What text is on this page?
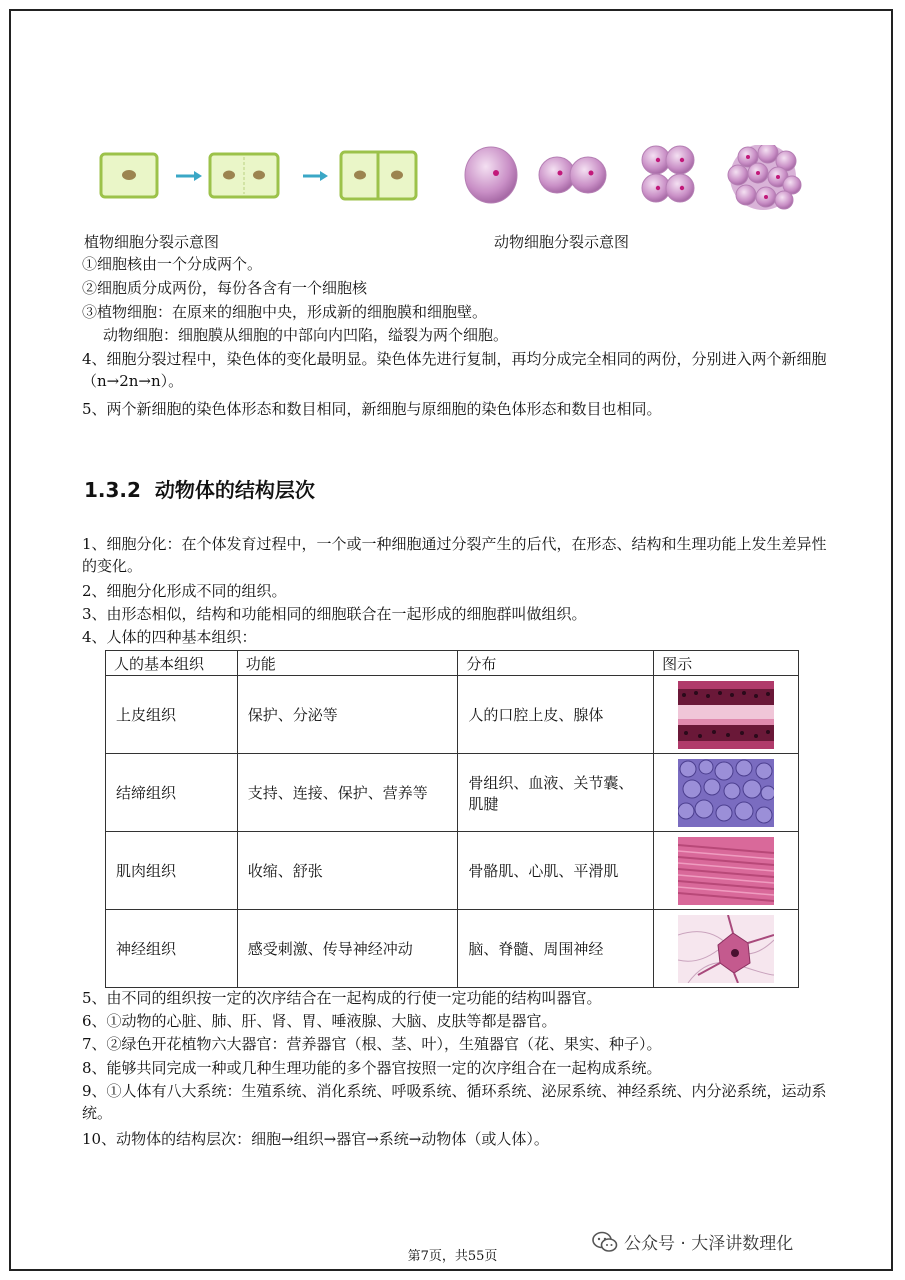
植物细胞分裂示意图	动物细胞分裂示意图
①细胞核由一个分成两个。
②细胞质分成两份，每份各含有一个细胞核
③植物细胞：在原来的细胞中央，形成新的细胞膜和细胞壁。
动物细胞：细胞膜从细胞的中部向内凹陷，缢裂为两个细胞。
4、细胞分裂过程中，染色体的变化最明显。染色体先进行复制，再均分成完全相同的两份，分别进入两个新细胞（n→2n→n）。
5、两个新细胞的染色体形态和数目相同，新细胞与原细胞的染色体形态和数目也相同。
1.3.2 动物体的结构层次
1、细胞分化：在个体发育过程中，一个或一种细胞通过分裂产生的后代，在形态、结构和生理功能上发生差异性的变化。
2、细胞分化形成不同的组织。
3、由形态相似，结构和功能相同的细胞联合在一起形成的细胞群叫做组织。
4、人体的四种基本组织：
人的基本组织	功能	分布	图示
上皮组织	保护、分泌等	人的口腔上皮、腺体	

结缔组织	支持、连接、保护、营养等	骨组织、血液、关节囊、肌腱	

肌肉组织	收缩、舒张	骨骼肌、心肌、平滑肌	

神经组织	感受刺激、传导神经冲动	脑、脊髓、周围神经	
5、由不同的组织按一定的次序结合在一起构成的行使一定功能的结构叫器官。
6、①动物的心脏、肺、肝、肾、胃、唾液腺、大脑、皮肤等都是器官。
7、②绿色开花植物六大器官：营养器官（根、茎、叶），生殖器官（花、果实、种子）。
8、能够共同完成一种或几种生理功能的多个器官按照一定的次序组合在一起构成系统。
9、①人体有八大系统：生殖系统、消化系统、呼吸系统、循环系统、泌尿系统、神经系统、内分泌系统，运动系统。
10、动物体的结构层次：细胞→组织→器官→系统→动物体（或人体）。
公众号 · 大泽讲数理化
第7页，共55页
